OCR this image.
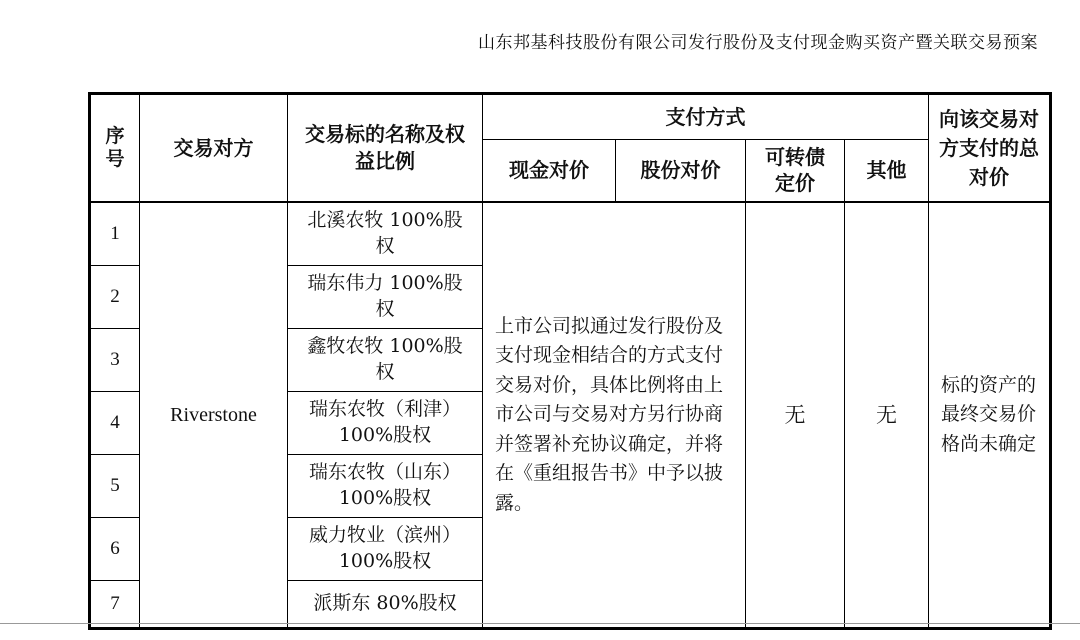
山东邦基科技股份有限公司发行股份及支付现金购买资产暨关联交易预案
序号	交易对方	交易标的名称及权益比例	支付方式				向该交易对方支付的总对价
			现金对价	股份对价	可转债定价	其他	
1	Riverstone	北溪农牧 100%股权	上市公司拟通过发行股份及支付现金相结合的方式支付交易对价，具体比例将由上市公司与交易对方另行协商并签署补充协议确定，并将在《重组报告书》中予以披露。		无	无	标的资产的最终交易价格尚未确定
2		瑞东伟力 100%股权					
3		鑫牧农牧 100%股权					
4		瑞东农牧（利津）100%股权					
5		瑞东农牧（山东）100%股权					
6		威力牧业（滨州）100%股权					
7		派斯东 80%股权					
